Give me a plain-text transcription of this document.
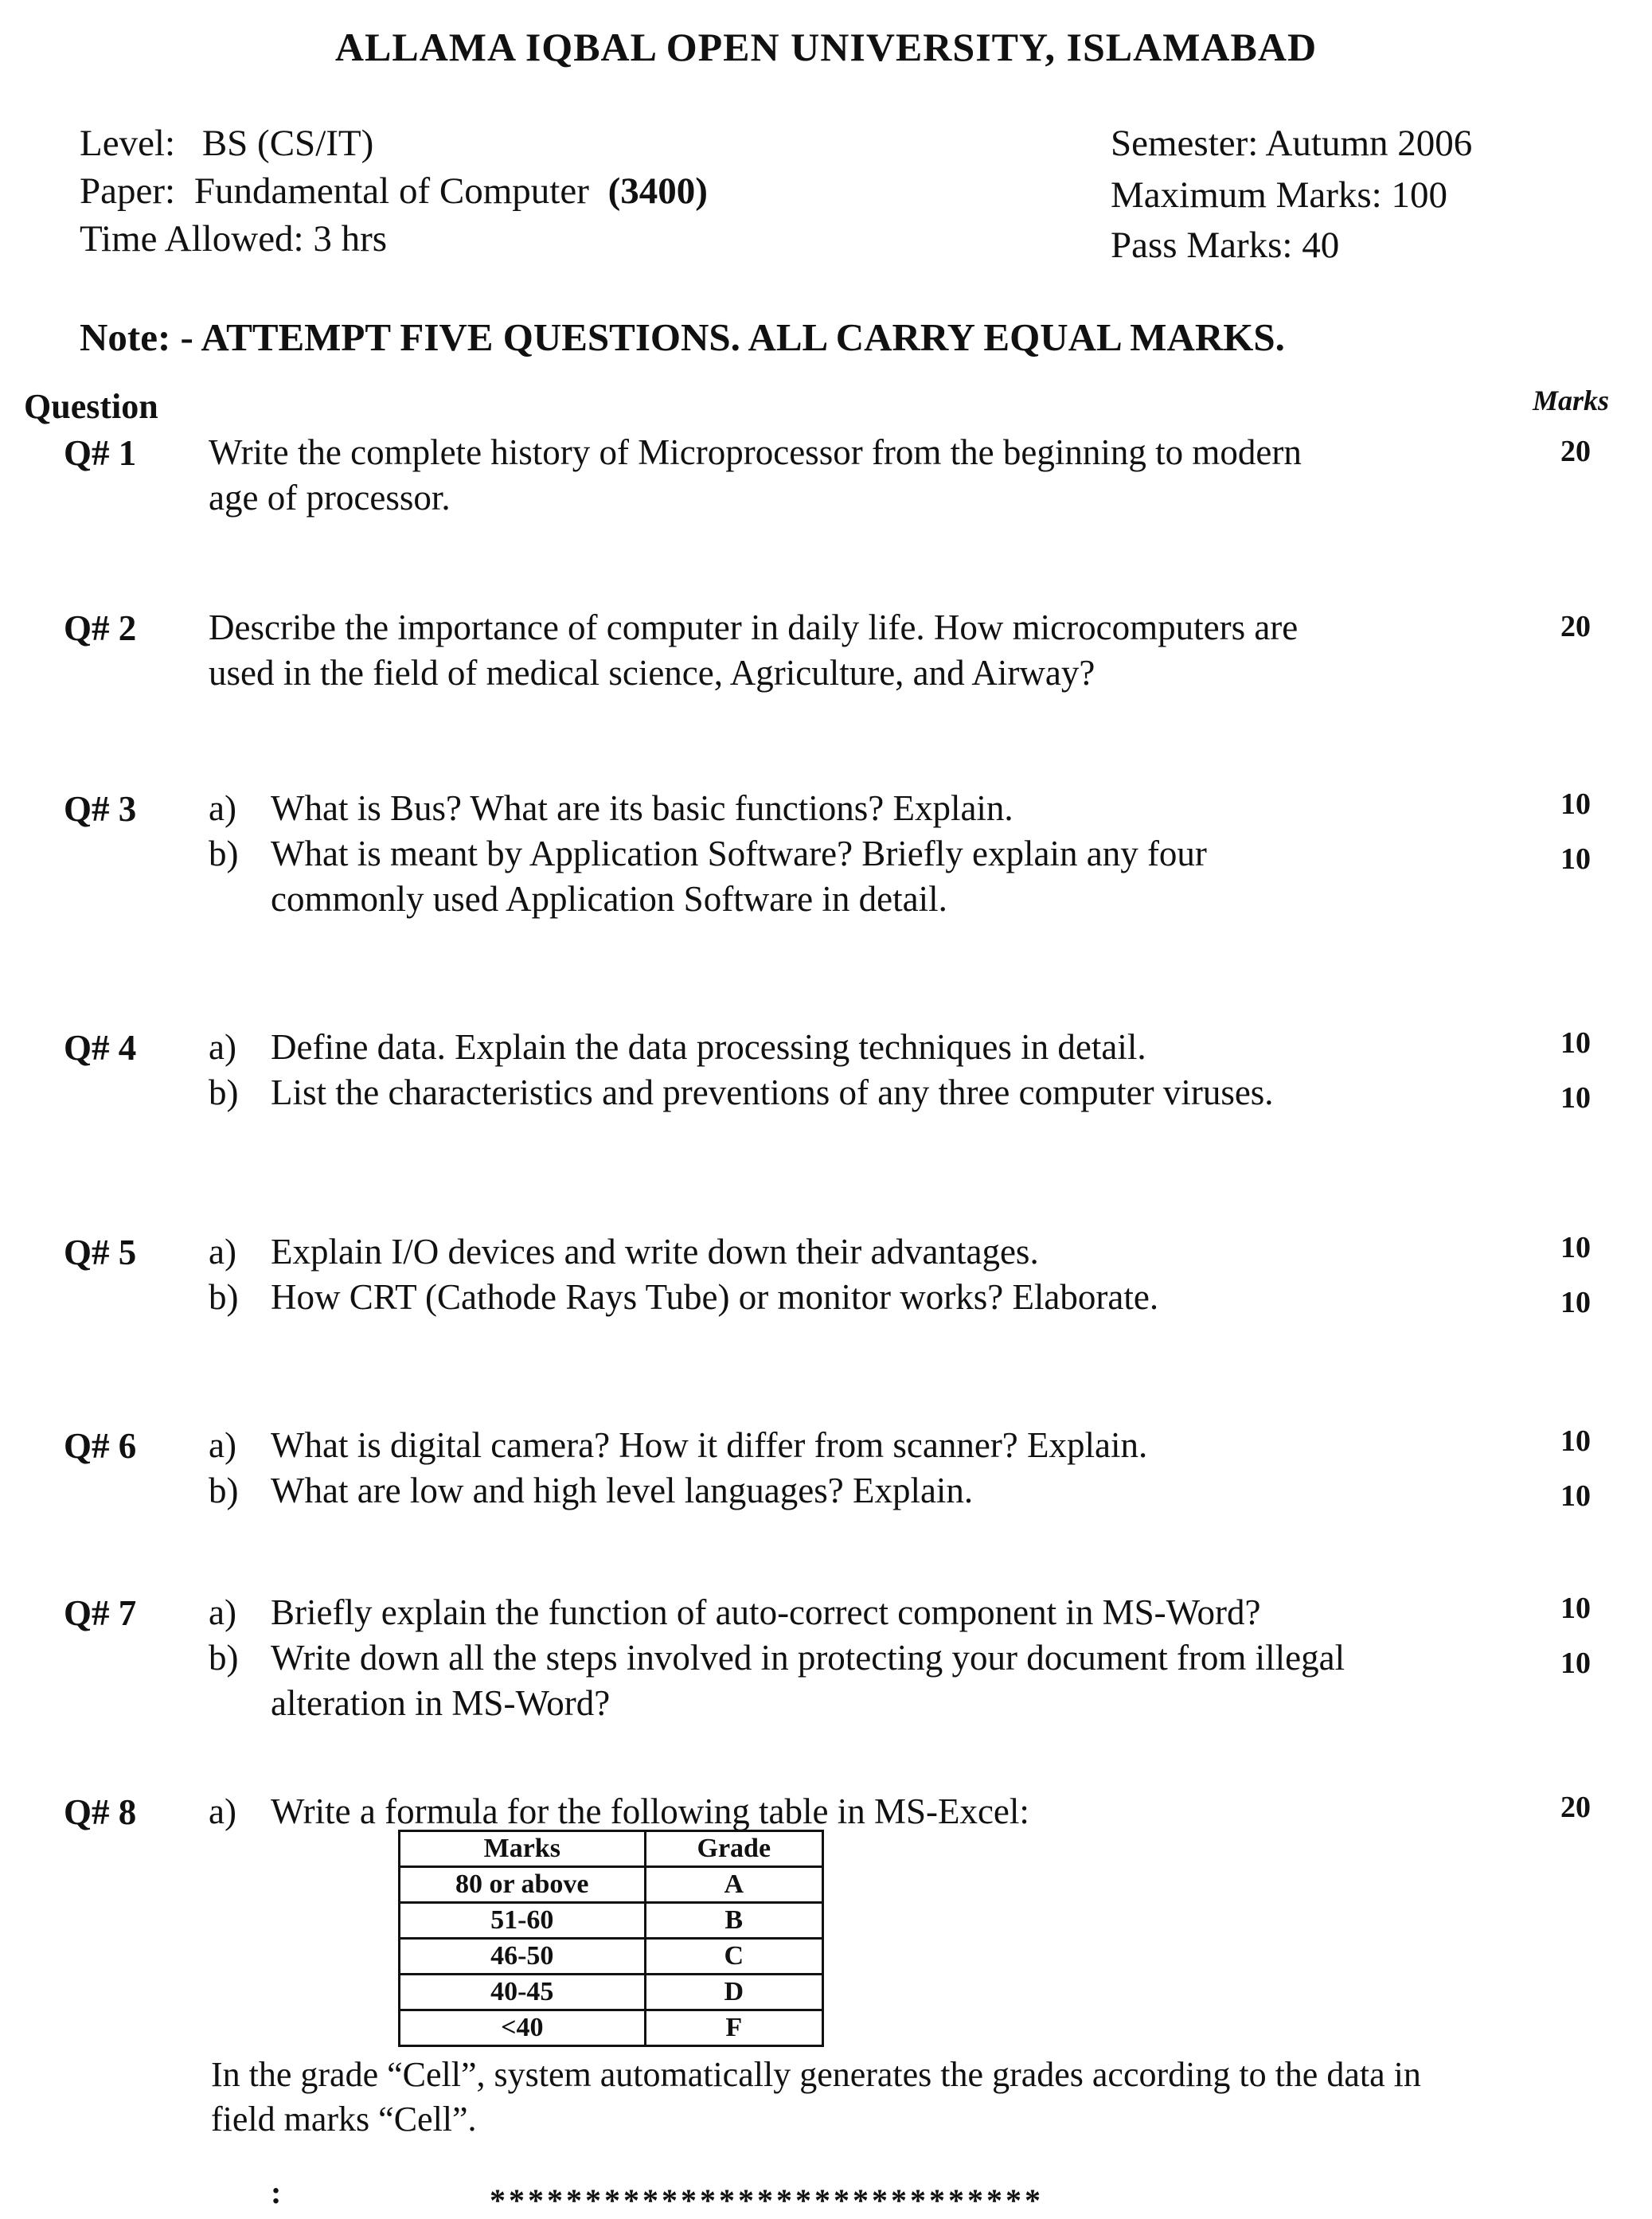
ALLAMA IQBAL OPEN UNIVERSITY, ISLAMABAD
Level: BS (CS/IT)
Paper: Fundamental of Computer (3400)
Time Allowed: 3 hrs
Semester: Autumn 2006
Maximum Marks: 100
Pass Marks: 40
Note: - ATTEMPT FIVE QUESTIONS. ALL CARRY EQUAL MARKS.
Question	Marks
Q# 1 Write the complete history of Microprocessor from the beginning to modern
age of processor.
20
Q# 2 Describe the importance of computer in daily life. How microcomputers are
used in the field of medical science, Agriculture, and Airway?
20
Q# 3 a) What is Bus? What are its basic functions? Explain.	10
b) What is meant by Application Software? Briefly explain any four
commonly used Application Software in detail.
10
Q# 4 a) Define data. Explain the data processing techniques in detail.	10
b) List the characteristics and preventions of any three computer viruses.	10
Q# 5 a) Explain I/O devices and write down their advantages.	10
b) How CRT (Cathode Rays Tube) or monitor works? Elaborate.	10
Q# 6 a) What is digital camera? How it differ from scanner? Explain.	10
b) What are low and high level languages? Explain.	10
Q# 7 a) Briefly explain the function of auto-correct component in MS-Word?	10
b) Write down all the steps involved in protecting your document from illegal
alteration in MS-Word?
10
Q# 8 a) Write a formula for the following table in MS-Excel:	20
Marks	Grade
80 or above	A
51-60	B
46-50	C
40-45	D
<40	F
In the grade “Cell”, system automatically generates the grades according to the data in
field marks “Cell”.
*****************************
:
